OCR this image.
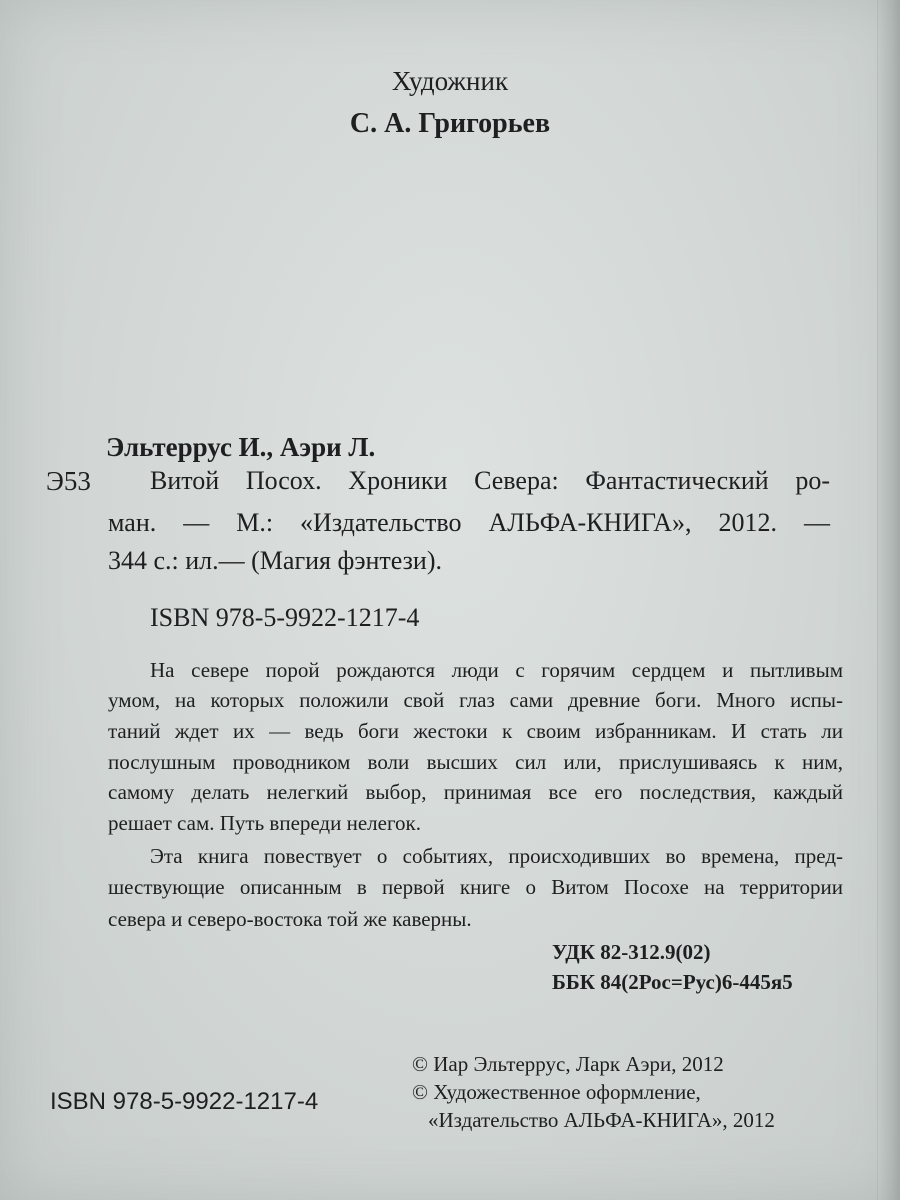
Художник
С. А. Григорьев
Эльтеррус И., Аэри Л.
Э53 Витой Посох. Хроники Севера: Фантастический ро-
ман. — М.: «Издательство АЛЬФА-КНИГА», 2012. —
344 с.: ил.— (Магия фэнтези).
ISBN 978-5-9922-1217-4
На севере порой рождаются люди с горячим сердцем и пытливым
умом, на которых положили свой глаз сами древние боги. Много испы-
таний ждет их — ведь боги жестоки к своим избранникам. И стать ли
послушным проводником воли высших сил или, прислушиваясь к ним,
самому делать нелегкий выбор, принимая все его последствия, каждый
решает сам. Путь впереди нелегок.
Эта книга повествует о событиях, происходивших во времена, пред-
шествующие описанным в первой книге о Витом Посохе на территории
севера и северо-востока той же каверны.
УДК 82-312.9(02)
ББК 84(2Рос=Рус)6-445я5
© Иар Эльтеррус, Ларк Аэри, 2012
© Художественное оформление,
«Издательство АЛЬФА-КНИГА», 2012
ISBN 978-5-9922-1217-4
